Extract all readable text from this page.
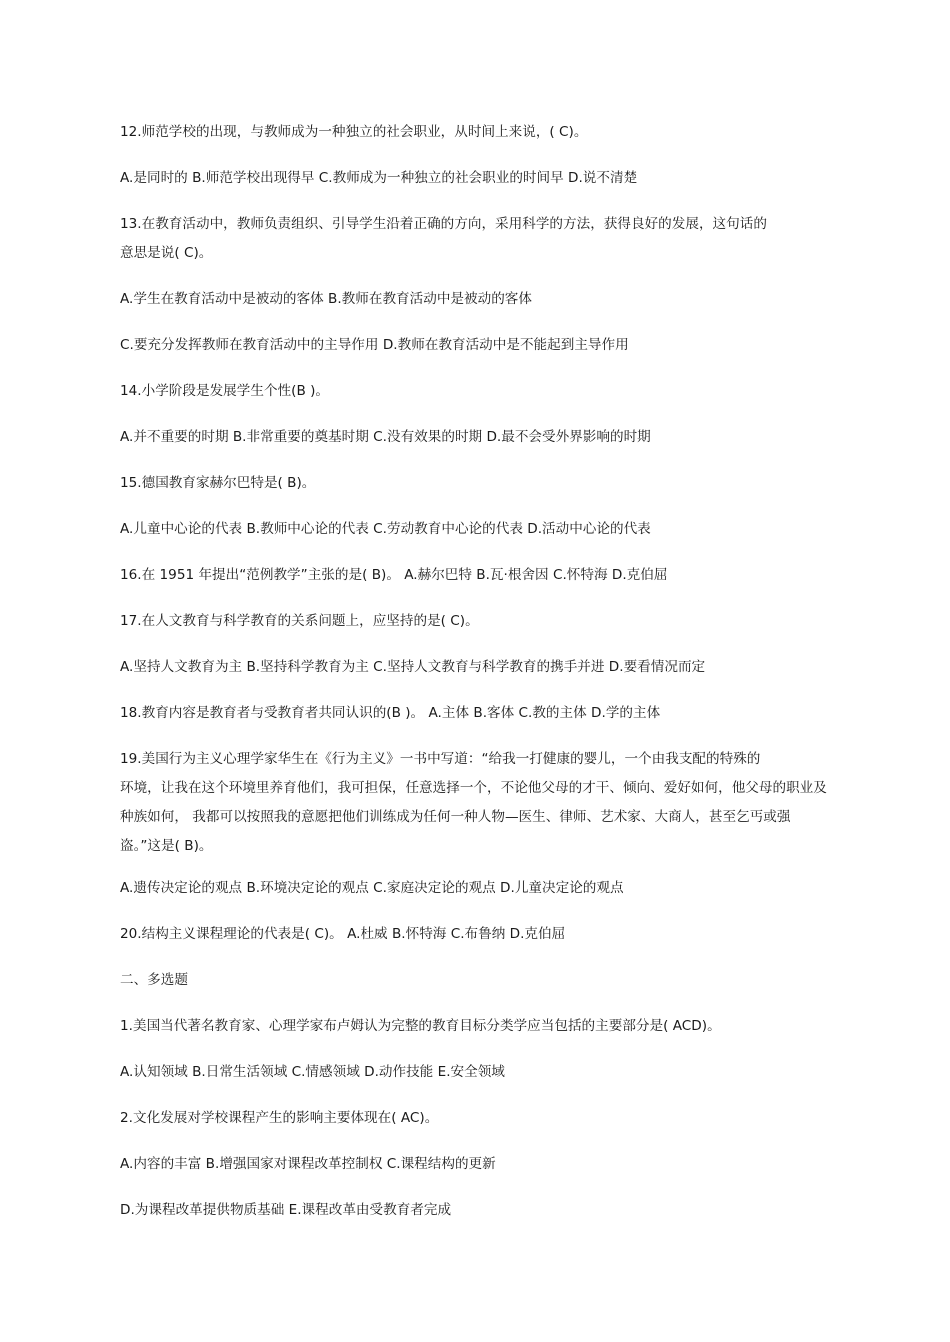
12.师范学校的出现，与教师成为一种独立的社会职业，从时间上来说，( C)。
A.是同时的 B.师范学校出现得早 C.教师成为一种独立的社会职业的时间早 D.说不清楚
13.在教育活动中，教师负责组织、引导学生沿着正确的方向，采用科学的方法，获得良好的发展，这句话的
意思是说( C)。
A.学生在教育活动中是被动的客体 B.教师在教育活动中是被动的客体
C.要充分发挥教师在教育活动中的主导作用 D.教师在教育活动中是不能起到主导作用
14.小学阶段是发展学生个性(B )。
A.并不重要的时期 B.非常重要的奠基时期 C.没有效果的时期 D.最不会受外界影响的时期
15.德国教育家赫尔巴特是( B)。
A.儿童中心论的代表 B.教师中心论的代表 C.劳动教育中心论的代表 D.活动中心论的代表
16.在 1951 年提出“范例教学”主张的是( B)。 A.赫尔巴特 B.瓦·根舍因 C.怀特海 D.克伯屈
17.在人文教育与科学教育的关系问题上，应坚持的是( C)。
A.坚持人文教育为主 B.坚持科学教育为主 C.坚持人文教育与科学教育的携手并进 D.要看情况而定
18.教育内容是教育者与受教育者共同认识的(B )。 A.主体 B.客体 C.教的主体 D.学的主体
19.美国行为主义心理学家华生在《行为主义》一书中写道：“给我一打健康的婴儿，一个由我支配的特殊的
环境，让我在这个环境里养育他们，我可担保，任意选择一个，不论他父母的才干、倾向、爱好如何，他父母的职业及
种族如何， 我都可以按照我的意愿把他们训练成为任何一种人物—医生、律师、艺术家、大商人，甚至乞丐或强
盗。”这是( B)。
A.遗传决定论的观点 B.环境决定论的观点 C.家庭决定论的观点 D.儿童决定论的观点
20.结构主义课程理论的代表是( C)。 A.杜威 B.怀特海 C.布鲁纳 D.克伯屈
二、多选题
1.美国当代著名教育家、心理学家布卢姆认为完整的教育目标分类学应当包括的主要部分是( ACD)。
A.认知领域 B.日常生活领域 C.情感领域 D.动作技能 E.安全领域
2.文化发展对学校课程产生的影响主要体现在( AC)。
A.内容的丰富 B.增强国家对课程改革控制权 C.课程结构的更新
D.为课程改革提供物质基础 E.课程改革由受教育者完成
